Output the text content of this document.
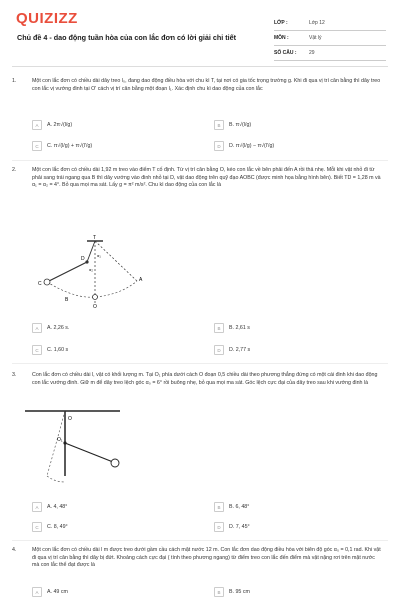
QUIZIZZ
Chủ đề 4 - dao động tuần hòa của con lắc đơn có lời giải chi tiết
LỚP :	Lớp 12
MÔN :	Vật lý
SỐ CÂU :	29
1.	Một con lắc đơn có chiều dài dây treo l₀, đang dao động điều hòa với chu kì T, tại nơi có gia tốc trọng trường g. Khi đi qua vị trí cân bằng thì dây treo con lắc vị vướng đinh tại O' cách vị trí cân bằng một đoạn l₁. Xác định chu kì dao động của con lắc
A	A. 2π√(l/g)	B	B. π√(l/g)
C	C. π√(l/g) + π√(l'/g)	D	D. π√(l/g) − π√(l'/g)
2.	Một con lắc đơn có chiều dài 1,92 m treo vào điểm T cố định. Từ vị trí cân bằng O, kéo con lắc về bên phải đến A rồi thả nhẹ. Mỗi khi vật nhỏ đi từ phải sang trái ngang qua B thì dây vướng vào đinh nhỏ tại D, vật dao động trên quỹ đạo AOBC (được minh họa bằng hình bên). Biết TD = 1,28 m và α₁ = α₂ = 4°. Bỏ qua mọi ma sát. Lấy g = π² m/s². Chu kì dao động của con lắc là
T
D
C
B
O
A
α₁
α₂
A	A. 2,26 s.	B	B. 2,61 s
C	C. 1,60 s	D	D. 2,77 s
3.	Con lắc đơn có chiều dài l, vật có khối lượng m. Tại O₁ phía dưới cách O đoạn 0,5 chiều dài theo phương thẳng đứng có một cái đinh khi dao động con lắc vướng đinh. Giữ m để dây treo lệch góc α₀ = 6° rồi buông nhẹ, bỏ qua mọi ma sát. Góc lệch cực đại của dây treo sau khi vướng đinh là
O
O₁
A	A. 4, 48°	B	B. 6, 48°
C	C. 8, 49°	D	D. 7, 45°
4.	Một con lắc đơn có chiều dài l m được treo dưới gầm cầu cách mặt nước 12 m. Con lắc đơn dao động điều hòa với biên độ góc α₀ = 0,1 rad. Khi vật đi qua vị trí cân bằng thì dây bị đứt. Khoảng cách cực đại ( tính theo phương ngang) từ điểm treo con lắc đến điểm mà vật nặng rơi trên mặt nước mà con lắc thể đạt được là
A	A. 49 cm	B	B. 95 cm
